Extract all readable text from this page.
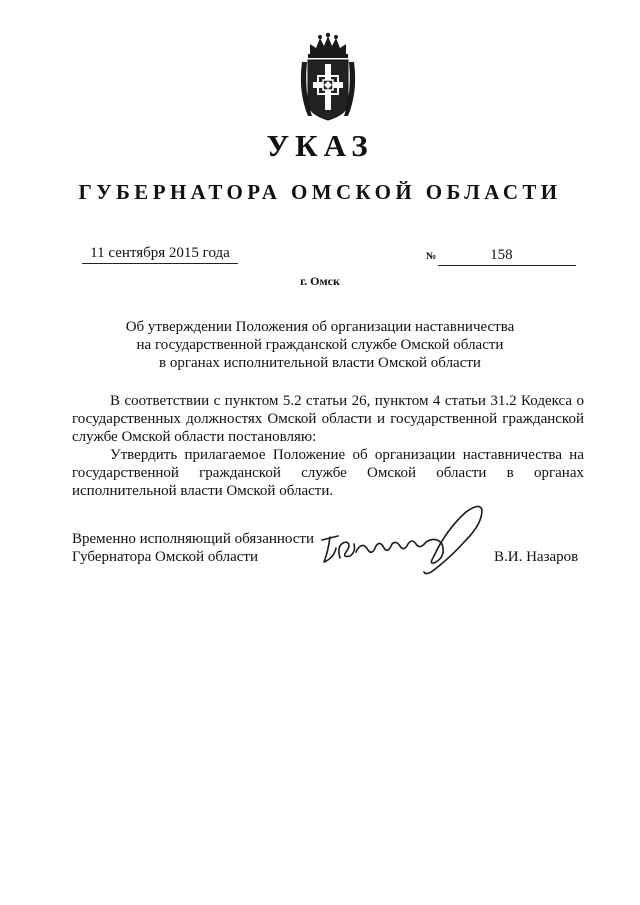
УКАЗ
ГУБЕРНАТОРА ОМСКОЙ ОБЛАСТИ
11 сентября 2015 года	№	158
г. Омск
Об утверждении Положения об организации наставничества
на государственной гражданской службе Омской области
в органах исполнительной власти Омской области

В соответствии с пунктом 5.2 статьи 26, пунктом 4 статьи 31.2 Кодекса о государственных должностях Омской области и государственной гражданской службе Омской области постановляю:

Утвердить прилагаемое Положение об организации наставничества на государственной гражданской службе Омской области в органах исполнительной власти Омской области.

Временно исполняющий обязанности
Губернатора Омской области	В.И. Назаров
